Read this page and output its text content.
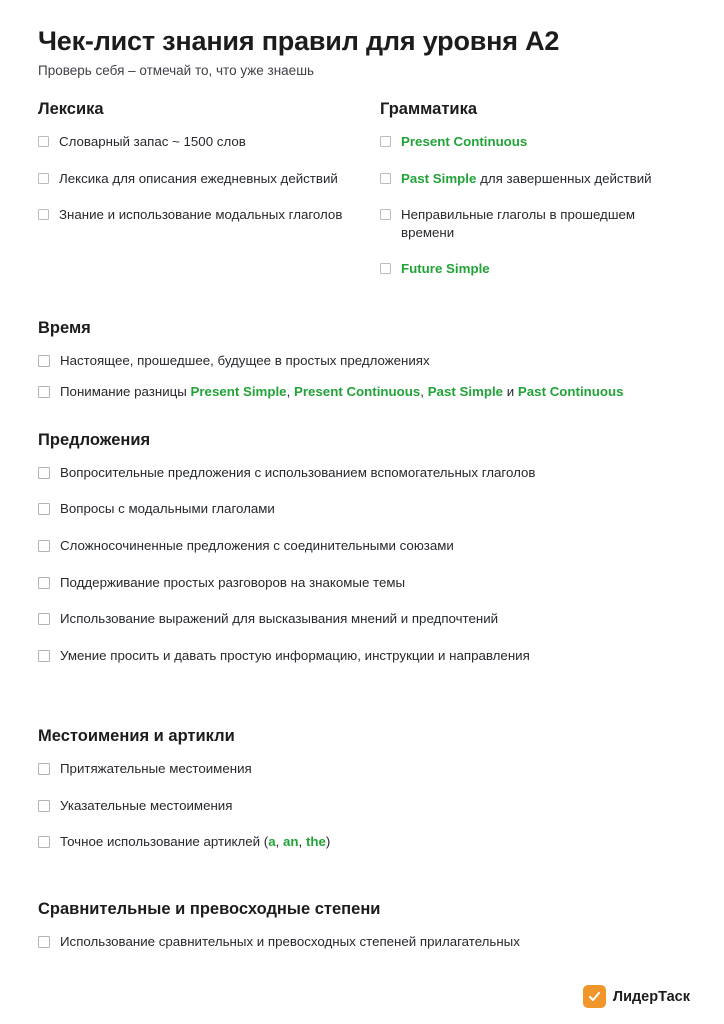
Чек-лист знания правил для уровня A2
Проверь себя – отмечай то, что уже знаешь
Лексика
Словарный запас ~ 1500 слов
Лексика для описания ежедневных действий
Знание и использование модальных глаголов
Грамматика
Present Continuous
Past Simple для завершенных действий
Неправильные глаголы в прошедшем времени
Future Simple
Время
Настоящее, прошедшее, будущее в простых предложениях
Понимание разницы Present Simple, Present Continuous, Past Simple и Past Continuous
Предложения
Вопросительные предложения с использованием вспомогательных глаголов
Вопросы с модальными глаголами
Сложносочиненные предложения с соединительными союзами
Поддерживание простых разговоров на знакомые темы
Использование выражений для высказывания мнений и предпочтений
Умение просить и давать простую информацию, инструкции и направления
Местоимения и артикли
Притяжательные местоимения
Указательные местоимения
Точное использование артиклей (a, an, the)
Сравнительные и превосходные степени
Использование сравнительных и превосходных степеней прилагательных
ЛидерТаск
